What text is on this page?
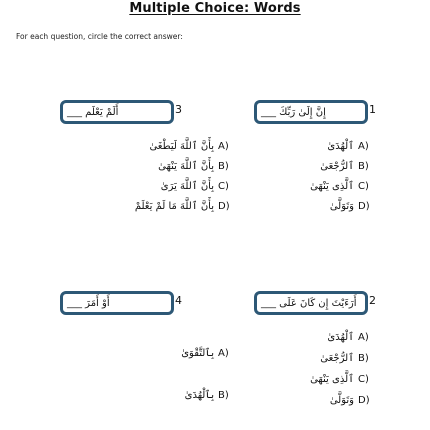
Multiple Choice: Words
For each question, circle the correct answer:
أَلَمْ يَعْلَم ___	3
بِأَنَّ ٱللَّهَ لَيَطْغَىٰ A)
بِأَنَّ ٱللَّهَ يَنْهَىٰ B)
بِأَنَّ ٱللَّهَ يَرَىٰ C)
بِأَنَّ ٱللَّهَ مَا لَمْ يَعْلَمْ D)
إِنَّ إِلَىٰ رَبِّكَ ___	1
ٱلْهُدَىٰ A)
ٱلرُّجْعَىٰ B)
ٱلَّذِى يَنْهَىٰ C)
وَتَوَلَّىٰ D)
أَوْ أَمَرَ ___	4
بِٱلتَّقْوَىٰ A)
بِٱلْهُدَىٰ B)
أَرَءَيْتَ إِن كَانَ عَلَى ___ 2
ٱلْهُدَىٰ A)
ٱلرُّجْعَىٰ B)
ٱلَّذِى يَنْهَىٰ C)
وَتَوَلَّىٰ D)
